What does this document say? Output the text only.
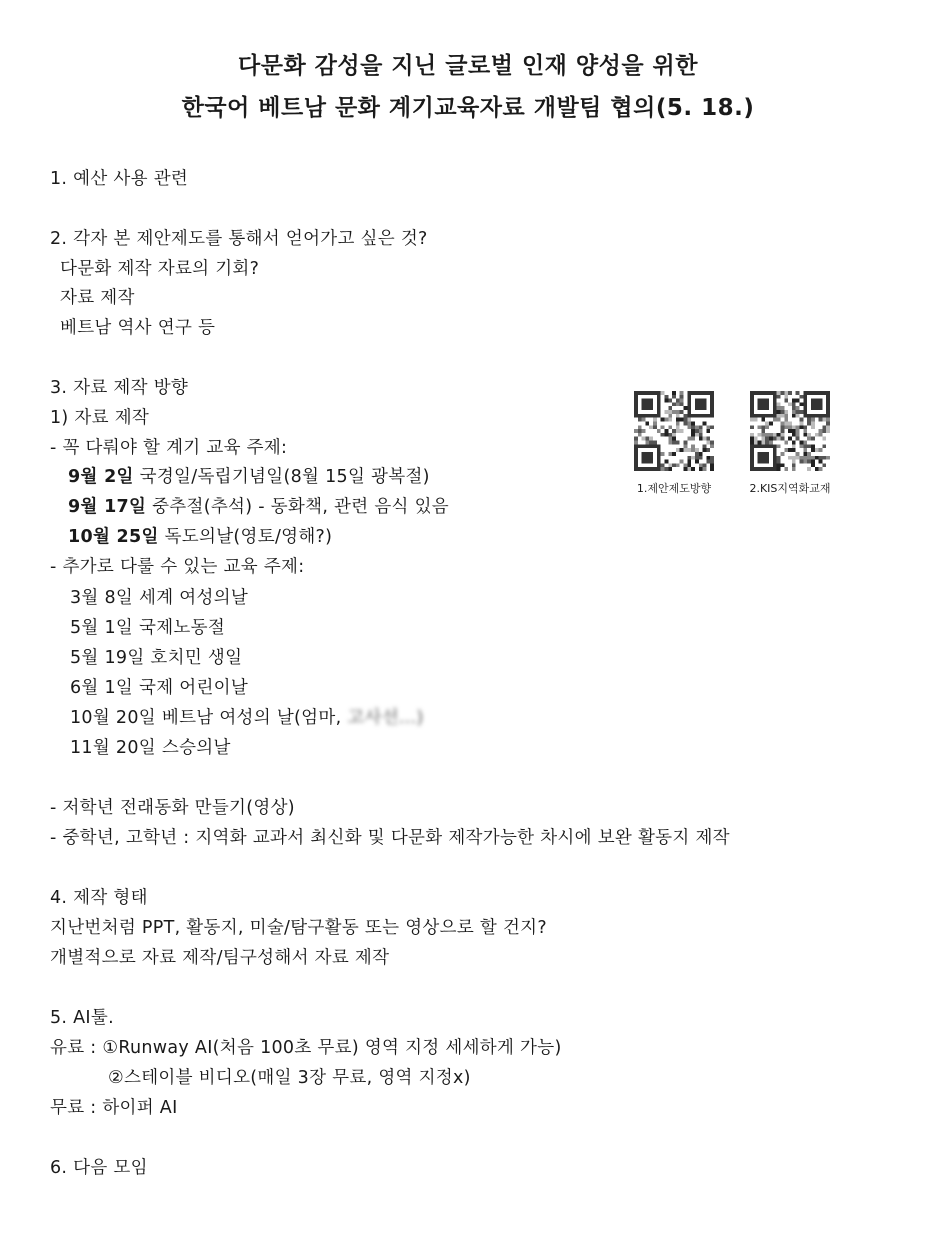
다문화 감성을 지닌 글로벌 인재 양성을 위한
한국어 베트남 문화 계기교육자료 개발팀 협의(5. 18.)
1. 예산 사용 관련
2. 각자 본 제안제도를 통해서 얻어가고 싶은 것?
다문화 제작 자료의 기회?
자료 제작
베트남 역사 연구 등
3. 자료 제작 방향
1) 자료 제작
- 꼭 다뤄야 할 계기 교육 주제:
9월 2일 국경일/독립기념일(8월 15일 광복절)
9월 17일 중추절(추석) - 동화책, 관련 음식 있음
10월 25일 독도의날(영토/영해?)
- 추가로 다룰 수 있는 교육 주제:
3월 8일 세계 여성의날
5월 1일 국제노동절
5월 19일 호치민 생일
6월 1일 국제 어린이날
10월 20일 베트남 여성의 날(엄마, 고사선...)
11월 20일 스승의날
- 저학년 전래동화 만들기(영상)
- 중학년, 고학년 : 지역화 교과서 최신화 및 다문화 제작가능한 차시에 보완 활동지 제작
4. 제작 형태
지난번처럼 PPT, 활동지, 미술/탐구활동 또는 영상으로 할 건지?
개별적으로 자료 제작/팀구성해서 자료 제작
5. AI툴.
유료 : ①Runway AI(처음 100초 무료) 영역 지정 세세하게 가능)
②스테이블 비디오(매일 3장 무료, 영역 지정x)
무료 : 하이퍼 AI
6. 다음 모임
1.제안제도방향	2.KIS지역화교재
